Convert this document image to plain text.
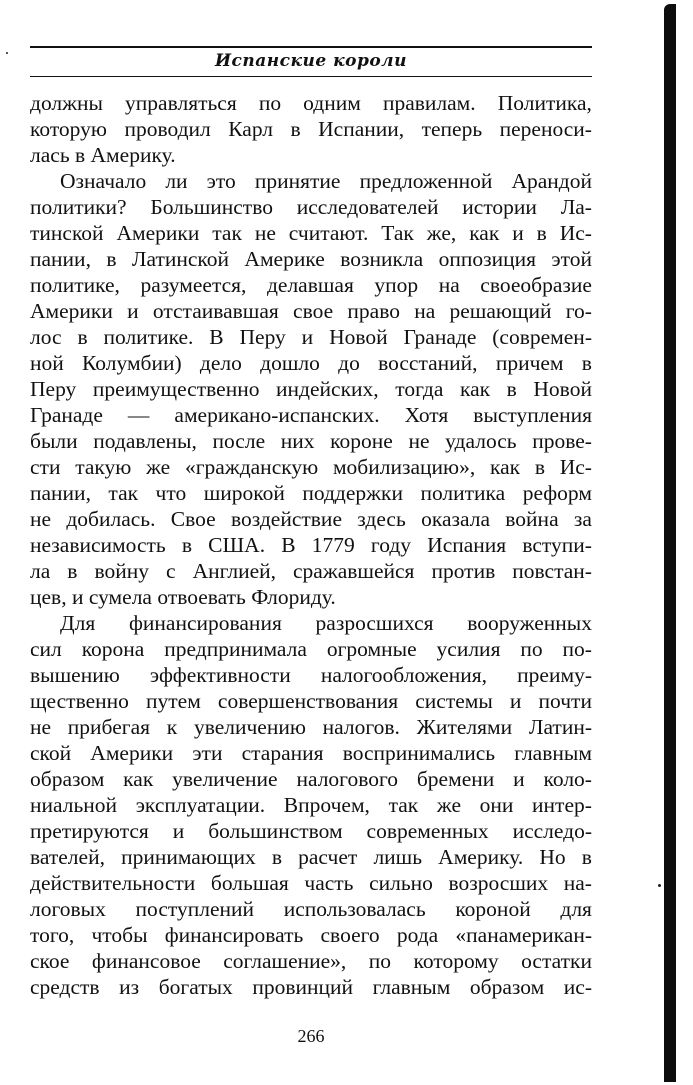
Испанские короли
должны управляться по одним правилам. Политика,
которую проводил Карл в Испании, теперь переноси-
лась в Америку.
Означало ли это принятие предложенной Арандой
политики? Большинство исследователей истории Ла-
тинской Америки так не считают. Так же, как и в Ис-
пании, в Латинской Америке возникла оппозиция этой
политике, разумеется, делавшая упор на своеобразие
Америки и отстаивавшая свое право на решающий го-
лос в политике. В Перу и Новой Гранаде (современ-
ной Колумбии) дело дошло до восстаний, причем в
Перу преимущественно индейских, тогда как в Новой
Гранаде — американо-испанских. Хотя выступления
были подавлены, после них короне не удалось прове-
сти такую же «гражданскую мобилизацию», как в Ис-
пании, так что широкой поддержки политика реформ
не добилась. Свое воздействие здесь оказала война за
независимость в США. В 1779 году Испания вступи-
ла в войну с Англией, сражавшейся против повстан-
цев, и сумела отвоевать Флориду.
Для финансирования разросшихся вооруженных
сил корона предпринимала огромные усилия по по-
вышению эффективности налогообложения, преиму-
щественно путем совершенствования системы и почти
не прибегая к увеличению налогов. Жителями Латин-
ской Америки эти старания воспринимались главным
образом как увеличение налогового бремени и коло-
ниальной эксплуатации. Впрочем, так же они интер-
претируются и большинством современных исследо-
вателей, принимающих в расчет лишь Америку. Но в
действительности большая часть сильно возросших на-
логовых поступлений использовалась короной для
того, чтобы финансировать своего рода «панамерикан-
ское финансовое соглашение», по которому остатки
средств из богатых провинций главным образом ис-
266
